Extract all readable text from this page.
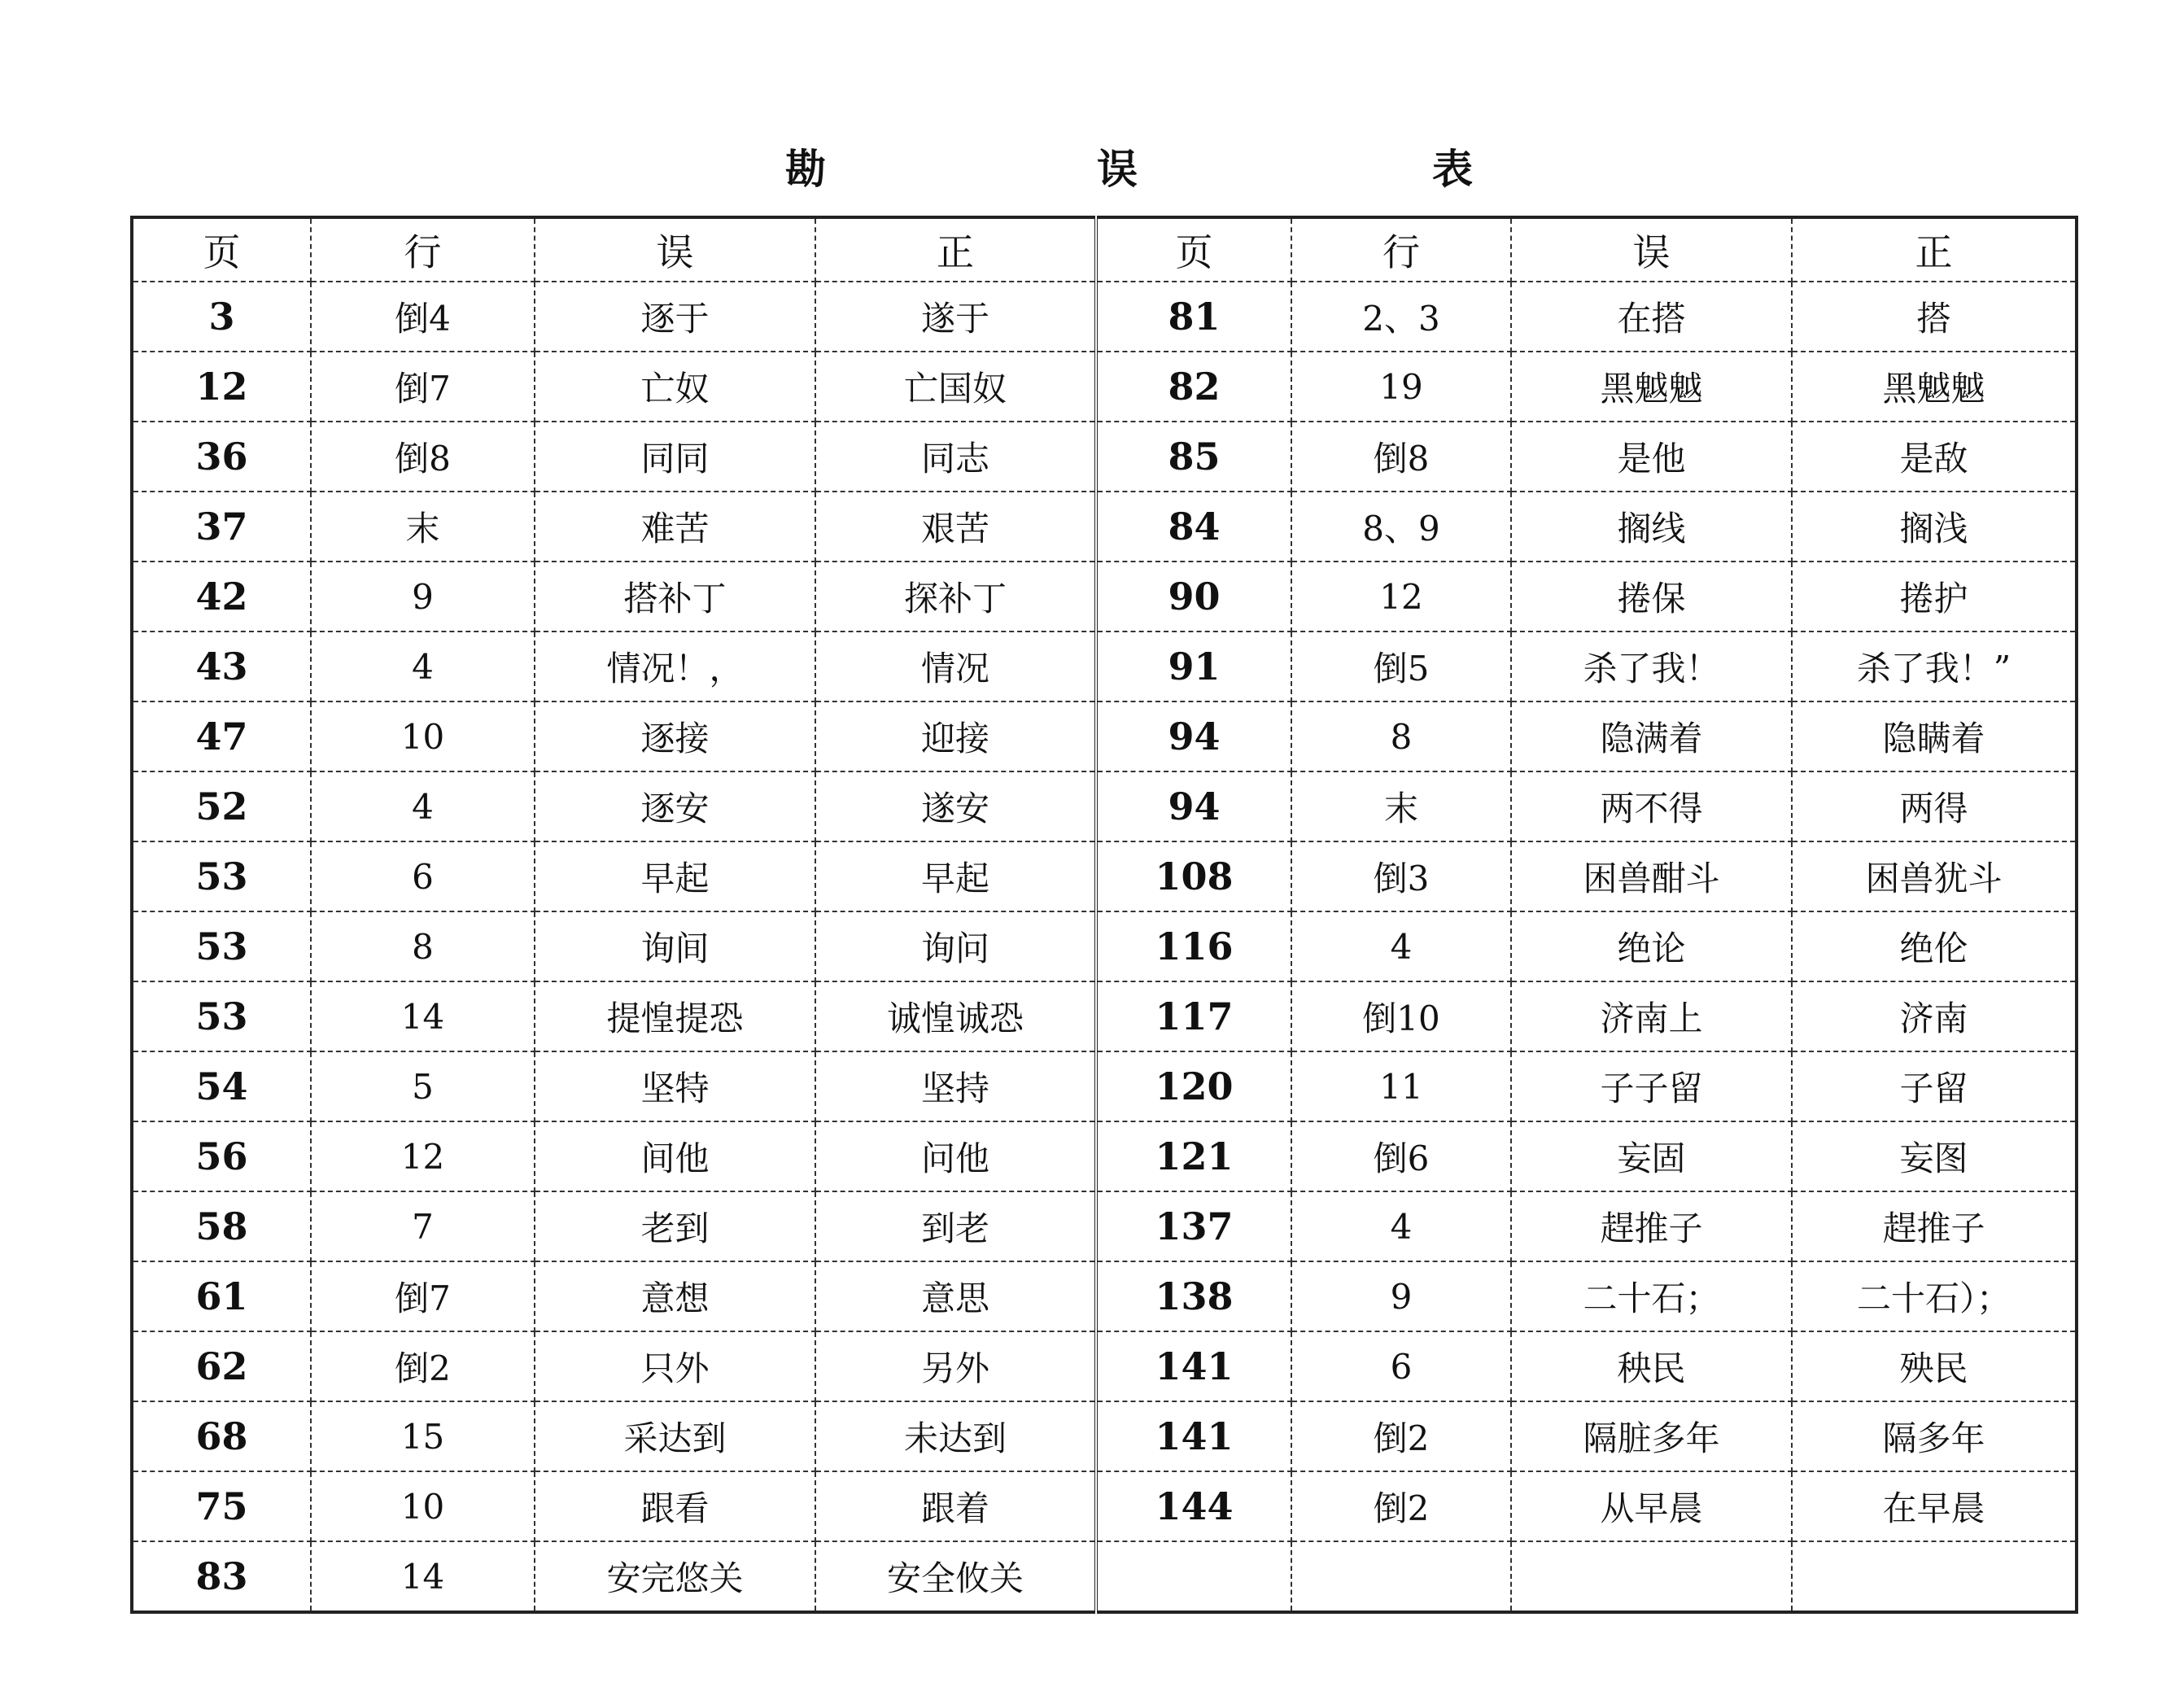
勘	误	表
页	行	误	正	页	行	误	正
3	倒4	逐于	遂于	81	2、3	在搭	搭
12	倒7	亡奴	亡国奴	82	19	黑魆魆	黑魆魆
36	倒8	同同	同志	85	倒8	是他	是敌
37	末	难苦	艰苦	84	8、9	搁线	搁浅
42	9	搭补丁	探补丁	90	12	捲保	捲护
43	4	情况！，	情况	91	倒5	杀了我！	杀了我！”
47	10	逐接	迎接	94	8	隐满着	隐瞒着
52	4	逐安	遂安	94	末	两不得	两得
53	6	早起	早起	108	倒3	困兽酣斗	困兽犹斗
53	8	询间	询问	116	4	绝论	绝伦
53	14	提惶提恐	诚惶诚恐	117	倒10	济南上	济南
54	5	坚特	坚持	120	11	子子留	子留
56	12	间他	问他	121	倒6	妄固	妄图
58	7	老到	到老	137	4	趕推子	趕推子
61	倒7	意想	意思	138	9	二十石；	二十石）；
62	倒2	只外	另外	141	6	秧民	殃民
68	15	采达到	未达到	141	倒2	隔脏多年	隔多年
75	10	跟看	跟着	144	倒2	从早晨	在早晨
83	14	安完悠关	安全攸关				
